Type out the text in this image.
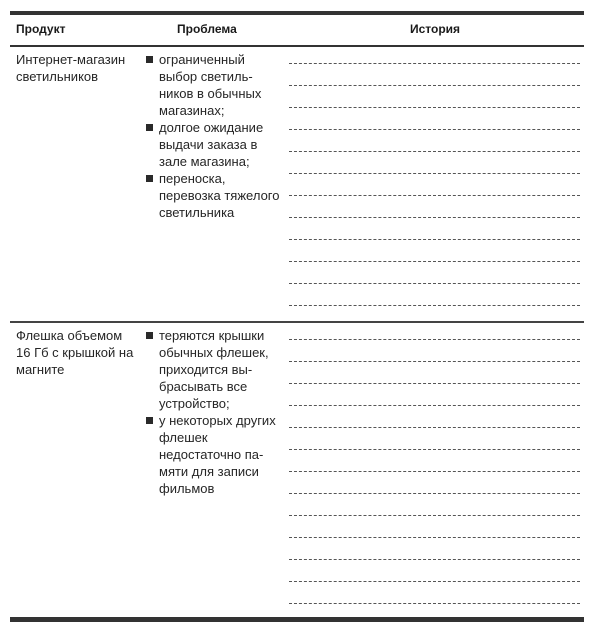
Продукт	Проблема	История
Интернет-магазин светильников
ограниченный выбор светиль-ников в обычных магазинах;
долгое ожидание выдачи заказа в зале магазина;
переноска, перевозка тяжелого светильника
Флешка объемом 16 Гб с крышкой на магните
теряются крышки обычных флешек, приходится вы-брасывать все устройство;
у некоторых других флешек недостаточно па-мяти для записи фильмов
